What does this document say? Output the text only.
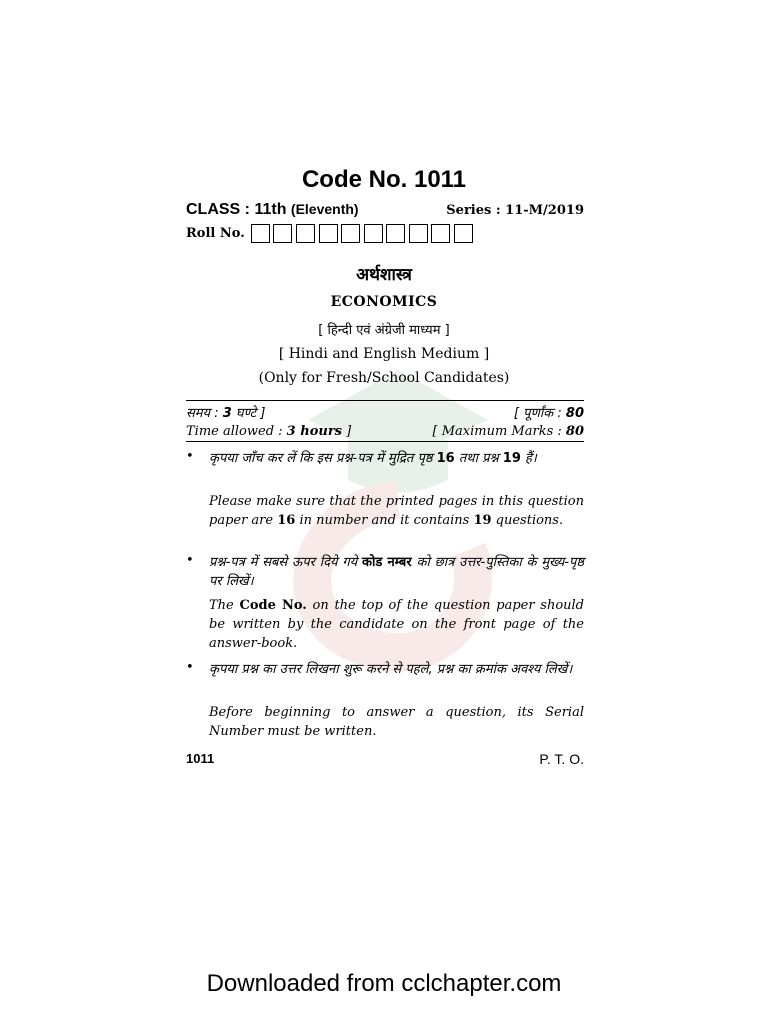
Code No. 1011
CLASS : 11th (Eleventh)	Series : 11-M/2019
Roll No.
अर्थशास्त्र
ECONOMICS
[ हिन्दी एवं अंग्रेजी माध्यम ]
[ Hindi and English Medium ]
(Only for Fresh/School Candidates)
समय : 3 घण्टे ]	[ पूर्णांक : 80
Time allowed : 3 hours ]	[ Maximum Marks : 80
• कृपया जाँच कर लें कि इस प्रश्न-पत्र में मुद्रित पृष्ठ 16 तथा प्रश्न 19 हैं।
Please make sure that the printed pages in this question paper are 16 in number and it contains 19 questions.
• प्रश्न-पत्र में सबसे ऊपर दिये गये कोड नम्बर को छात्र उत्तर-पुस्तिका के मुख्य-पृष्ठ पर लिखें।
The Code No. on the top of the question paper should be written by the candidate on the front page of the answer-book.
• कृपया प्रश्न का उत्तर लिखना शुरू करने से पहले, प्रश्न का क्रमांक अवश्य लिखें।
Before beginning to answer a question, its Serial Number must be written.
1011	P. T. O.
Downloaded from cclchapter.com
